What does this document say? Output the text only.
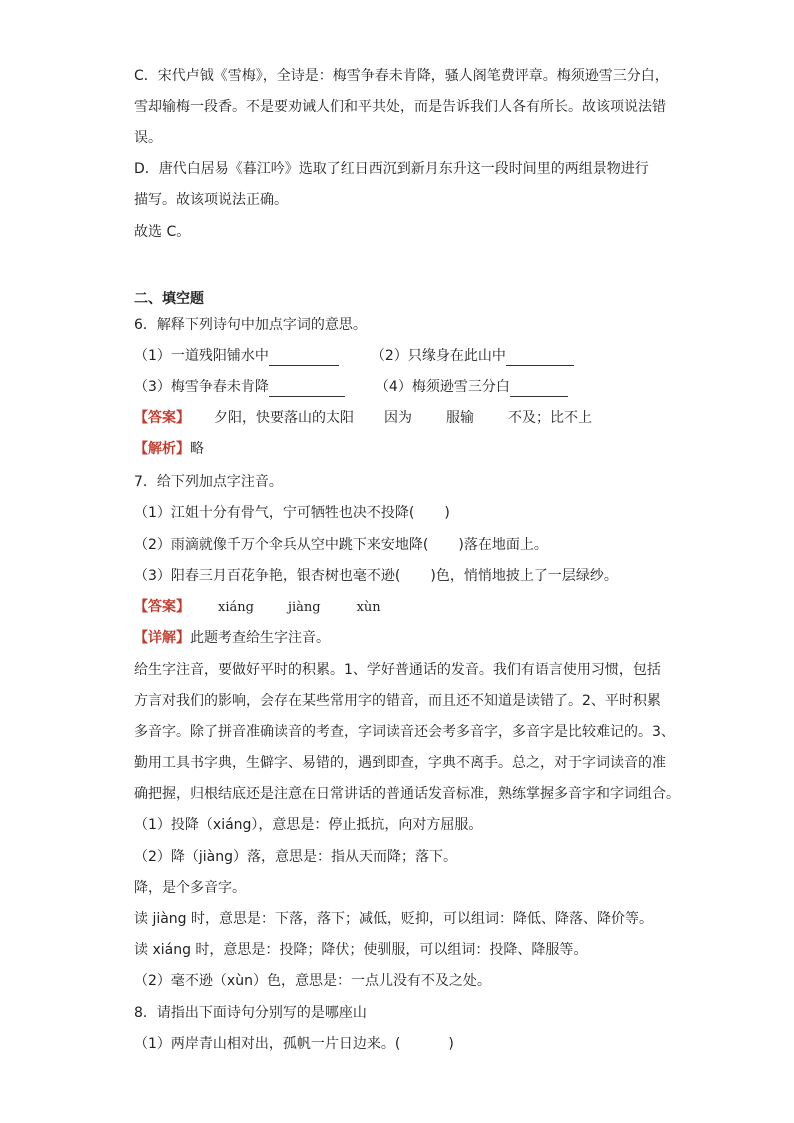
C．宋代卢钺《雪梅》，全诗是：梅雪争春未肯降，骚人阁笔费评章。梅须逊雪三分白，
雪却输梅一段香。不是要劝诫人们和平共处，而是告诉我们人各有所长。故该项说法错
误。
D．唐代白居易《暮江吟》选取了红日西沉到新月东升这一段时间里的两组景物进行
描写。故该项说法正确。
故选 C。
二、填空题
6．解释下列诗句中加点字词的意思。
（1）一道残阳铺水中	（2）只缘身在此山中
（3）梅雪争春未肯降	（4）梅须逊雪三分白
【答案】 夕阳，快要落山的太阳 因为 服输 不及；比不上
【解析】略
7．给下列加点字注音。
（1）江姐十分有骨气，宁可牺牲也决不投降( )
（2）雨滴就像千万个伞兵从空中跳下来安地降( )落在地面上。
（3）阳春三月百花争艳，银杏树也毫不逊( )色，悄悄地披上了一层绿纱。
【答案】 xiáng	jiàng	xùn
【详解】此题考查给生字注音。
给生字注音，要做好平时的积累。1、学好普通话的发音。我们有语言使用习惯，包括
方言对我们的影响，会存在某些常用字的错音，而且还不知道是读错了。2、平时积累
多音字。除了拼音准确读音的考查，字词读音还会考多音字，多音字是比较难记的。3、
勤用工具书字典，生僻字、易错的，遇到即查，字典不离手。总之，对于字词读音的准
确把握，归根结底还是注意在日常讲话的普通话发音标准，熟练掌握多音字和字词组合。
（1）投降（xiáng），意思是：停止抵抗，向对方屈服。
（2）降（jiàng）落，意思是：指从天而降；落下。
降，是个多音字。
读 jiàng 时，意思是：下落，落下；减低，贬抑，可以组词：降低、降落、降价等。
读 xiáng 时，意思是：投降；降伏；使驯服，可以组词：投降、降服等。
（2）毫不逊（xùn）色，意思是：一点儿没有不及之处。
8．请指出下面诗句分别写的是哪座山
（1）两岸青山相对出，孤帆一片日边来。(	)
